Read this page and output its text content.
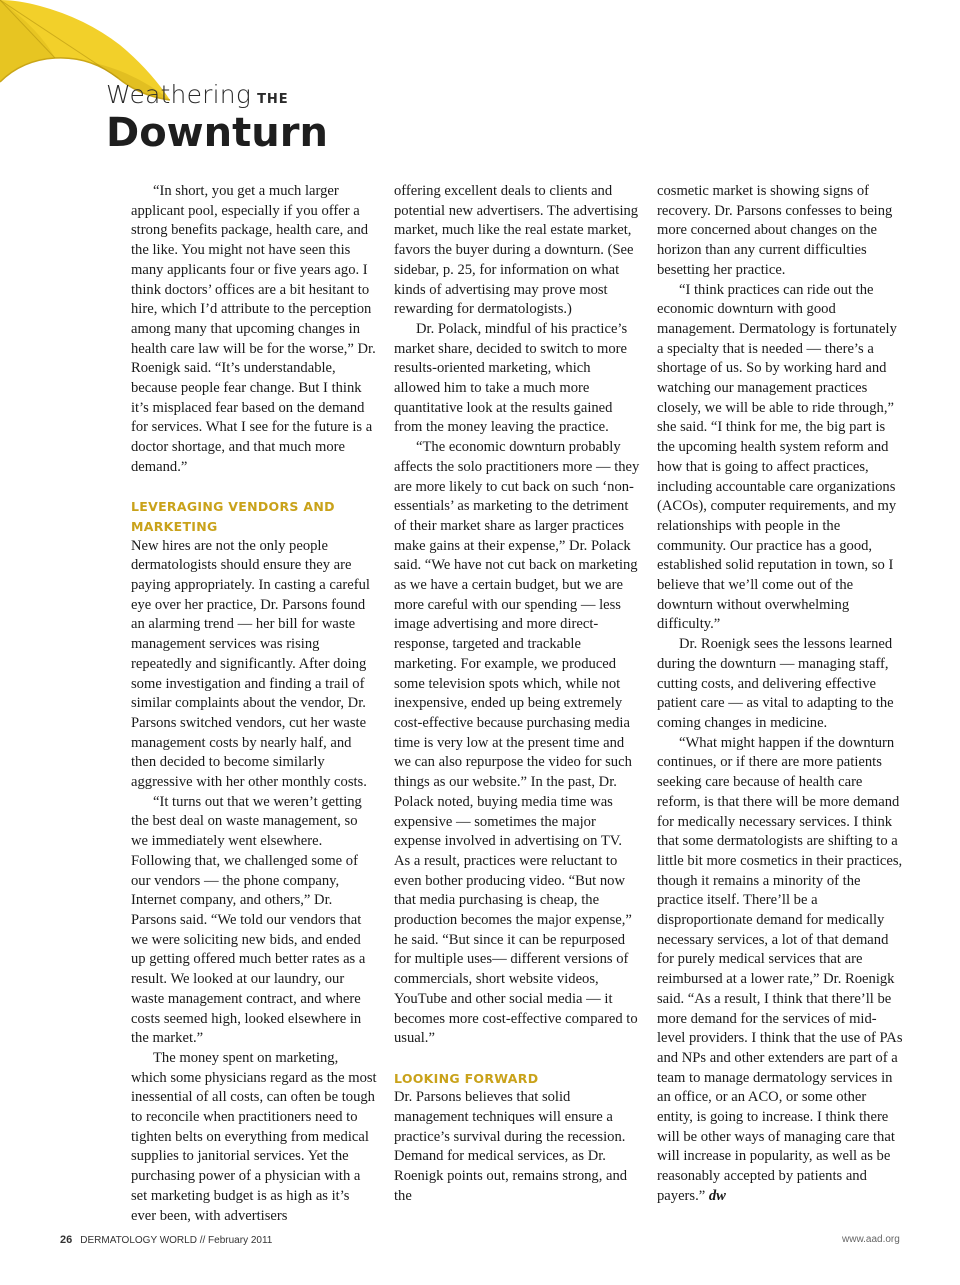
Weathering THE
Downturn

“In short, you get a much larger applicant pool, especially if you offer a strong benefits package, health care, and the like. You might not have seen this many applicants four or five years ago. I think doctors’ offices are a bit hesitant to hire, which I’d attribute to the perception among many that upcoming changes in health care law will be for the worse,” Dr. Roenigk said. “It’s understandable, because people fear change. But I think it’s misplaced fear based on the demand for services. What I see for the future is a doctor shortage, and that much more demand.”

LEVERAGING VENDORS AND MARKETING

New hires are not the only people dermatologists should ensure they are paying appropriately. In casting a careful eye over her practice, Dr. Parsons found an alarming trend — her bill for waste management services was rising repeatedly and significantly. After doing some investigation and finding a trail of similar complaints about the vendor, Dr. Parsons switched vendors, cut her waste management costs by nearly half, and then decided to become similarly aggressive with her other monthly costs.

“It turns out that we weren’t getting the best deal on waste management, so we immediately went elsewhere. Following that, we challenged some of our vendors — the phone company, Internet company, and others,” Dr. Parsons said. “We told our vendors that we were soliciting new bids, and ended up getting offered much better rates as a result. We looked at our laundry, our waste management contract, and where costs seemed high, looked elsewhere in the market.”

The money spent on marketing, which some physicians regard as the most inessential of all costs, can often be tough to reconcile when practitioners need to tighten belts on everything from medical supplies to janitorial services. Yet the purchasing power of a physician with a set marketing budget is as high as it’s ever been, with advertisers

offering excellent deals to clients and potential new advertisers. The advertising market, much like the real estate market, favors the buyer during a downturn. (See sidebar, p. 25, for information on what kinds of advertising may prove most rewarding for dermatologists.)

Dr. Polack, mindful of his practice’s market share, decided to switch to more results-oriented marketing, which allowed him to take a much more quantitative look at the results gained from the money leaving the practice.

“The economic downturn probably affects the solo practitioners more — they are more likely to cut back on such ‘non-essentials’ as marketing to the detriment of their market share as larger practices make gains at their expense,” Dr. Polack said. “We have not cut back on marketing as we have a certain budget, but we are more careful with our spending — less image advertising and more direct-response, targeted and trackable marketing. For example, we produced some television spots which, while not inexpensive, ended up being extremely cost-effective because purchasing media time is very low at the present time and we can also repurpose the video for such things as our website.” In the past, Dr. Polack noted, buying media time was expensive — sometimes the major expense involved in advertising on TV. As a result, practices were reluctant to even bother producing video. “But now that media purchasing is cheap, the production becomes the major expense,” he said. “But since it can be repurposed for multiple uses— different versions of commercials, short website videos, YouTube and other social media — it becomes more cost-effective compared to usual.”

LOOKING FORWARD

Dr. Parsons believes that solid management techniques will ensure a practice’s survival during the recession. Demand for medical services, as Dr. Roenigk points out, remains strong, and the

cosmetic market is showing signs of recovery. Dr. Parsons confesses to being more concerned about changes on the horizon than any current difficulties besetting her practice.

“I think practices can ride out the economic downturn with good management. Dermatology is fortunately a specialty that is needed — there’s a shortage of us. So by working hard and watching our management practices closely, we will be able to ride through,” she said. “I think for me, the big part is the upcoming health system reform and how that is going to affect practices, including accountable care organizations (ACOs), computer requirements, and my relationships with people in the community. Our practice has a good, established solid reputation in town, so I believe that we’ll come out of the downturn without overwhelming difficulty.”

Dr. Roenigk sees the lessons learned during the downturn — managing staff, cutting costs, and delivering effective patient care — as vital to adapting to the coming changes in medicine.

“What might happen if the downturn continues, or if there are more patients seeking care because of health care reform, is that there will be more demand for medically necessary services. I think that some dermatologists are shifting to a little bit more cosmetics in their practices, though it remains a minority of the practice itself. There’ll be a disproportionate demand for medically necessary services, a lot of that demand for purely medical services that are reimbursed at a lower rate,” Dr. Roenigk said. “As a result, I think that there’ll be more demand for the services of mid-level providers. I think that the use of PAs and NPs and other extenders are part of a team to manage dermatology services in an office, or an ACO, or some other entity, is going to increase. I think there will be other ways of managing care that will increase in popularity, as well as be reasonably accepted by patients and payers.” dw

26 DERMATOLOGY WORLD // February 2011	www.aad.org
